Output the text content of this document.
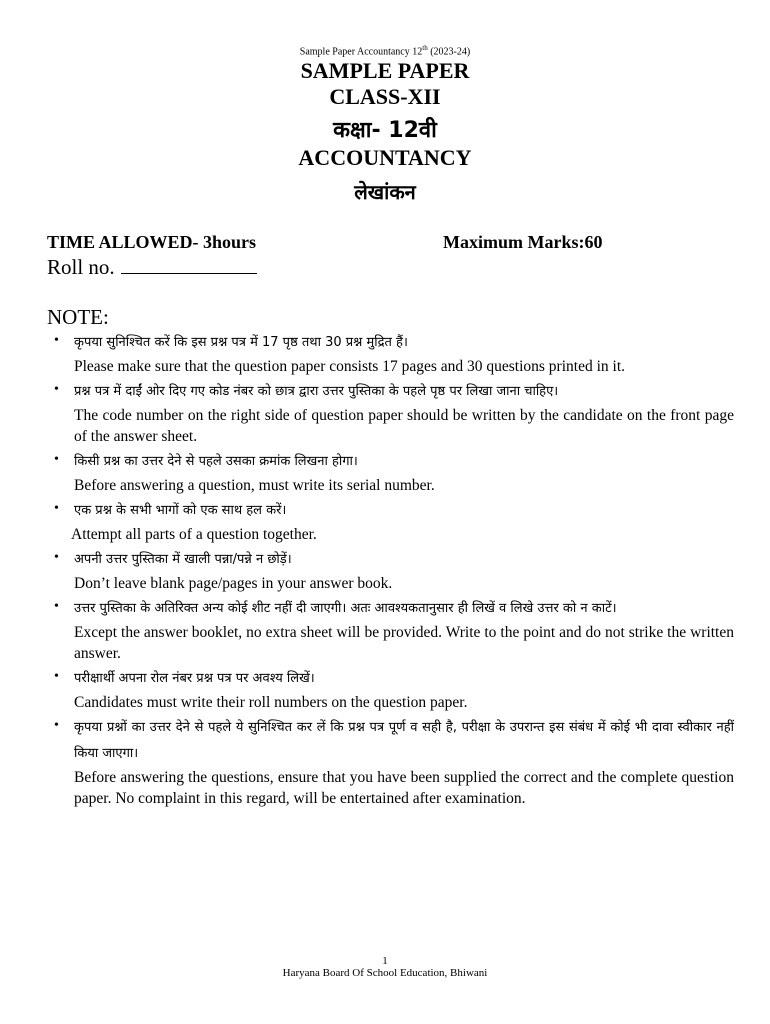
Sample Paper Accountancy 12th (2023-24)
SAMPLE PAPER
CLASS-XII
कक्षा- 12वी
ACCOUNTANCY
लेखांकन
TIME ALLOWED- 3hours	Maximum Marks:60
Roll no.
NOTE:
• कृपया सुनिश्चित करें कि इस प्रश्न पत्र में 17 पृष्ठ तथा 30 प्रश्न मुद्रित हैं।
Please make sure that the question paper consists 17 pages and 30 questions printed in it.
• प्रश्न पत्र में दाईं ओर दिए गए कोड नंबर को छात्र द्वारा उत्तर पुस्तिका के पहले पृष्ठ पर लिखा जाना चाहिए।
The code number on the right side of question paper should be written by the candidate on the front page of the answer sheet.
• किसी प्रश्न का उत्तर देने से पहले उसका क्रमांक लिखना होगा।
Before answering a question, must write its serial number.
• एक प्रश्न के सभी भागों को एक साथ हल करें।
Attempt all parts of a question together.
• अपनी उत्तर पुस्तिका में खाली पन्ना/पन्ने न छोड़ें।
Don’t leave blank page/pages in your answer book.
• उत्तर पुस्तिका के अतिरिक्त अन्य कोई शीट नहीं दी जाएगी। अतः आवश्यकतानुसार ही लिखें व लिखे उत्तर को न काटें।
Except the answer booklet, no extra sheet will be provided. Write to the point and do not strike the written answer.
• परीक्षार्थी अपना रोल नंबर प्रश्न पत्र पर अवश्य लिखें।
Candidates must write their roll numbers on the question paper.
• कृपया प्रश्नों का उत्तर देने से पहले ये सुनिश्चित कर लें कि प्रश्न पत्र पूर्ण व सही है, परीक्षा के उपरान्त इस संबंध में कोई भी दावा स्वीकार नहीं किया जाएगा।
Before answering the questions, ensure that you have been supplied the correct and the complete question paper. No complaint in this regard, will be entertained after examination.
1
Haryana Board Of School Education, Bhiwani
